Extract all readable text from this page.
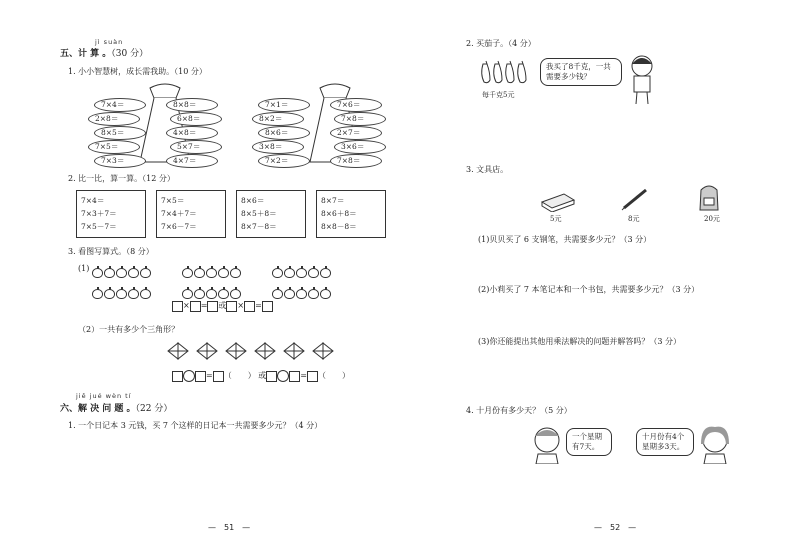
jì suàn
五、计 算 。（30 分）
1. 小小智慧树，成长需我助。（10 分）
7×4＝	8×8＝
2×8＝	6×8＝
8×5＝	4×8＝
7×5＝	5×7＝
7×3＝	4×7＝
7×1＝	7×6＝
8×2＝	7×8＝
8×6＝	2×7＝
3×8＝	3×6＝
7×2＝	7×8＝
2. 比一比，算一算。（12 分）
7×4＝
7×3＋7＝
7×5－7＝
7×5＝
7×4＋7＝
7×6－7＝
8×6＝
8×5＋8＝
8×7－8＝
8×7＝
8×6＋8＝
8×8－8＝
3. 看图写算式。（8 分）
(1)
× = 或 × =
（2）一共有多少个三角形？
= （　　） 或	= （　　）
jiě jué wèn tí
六、解 决 问 题 。（22 分）
1. 一个日记本 3 元钱，买 7 个这样的日记本一共需要多少元？（4 分）
—　51　—
2. 买茄子。（4 分）
每千克5元
我买了8千克，一共需要多少钱？
3. 文具店。
5元	8元	20元
(1)贝贝买了 6 支钢笔，共需要多少元？（3 分）
(2)小莉买了 7 本笔记本和一个书包，共需要多少元？（3 分）
(3)你还能提出其他用乘法解决的问题并解答吗？（3 分）
4. 十月份有多少天？（5 分）
一个星期有7天。
十月份有4个星期多3天。
—　52　—
